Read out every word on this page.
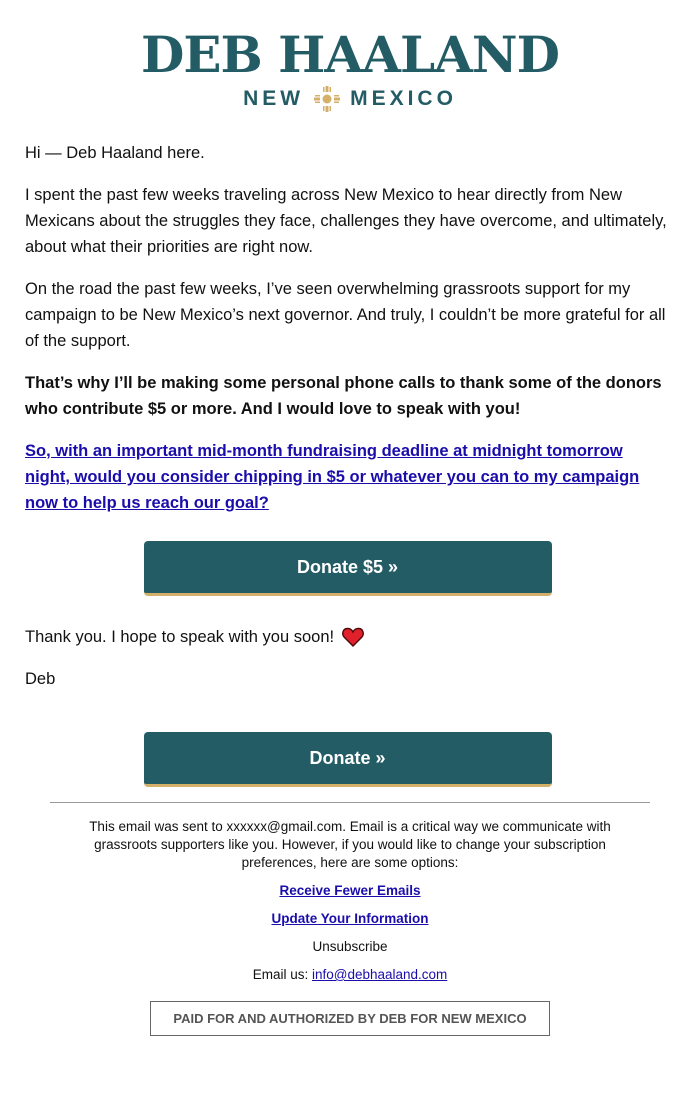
DEB HAALAND
NEW MEXICO

Hi — Deb Haaland here.

I spent the past few weeks traveling across New Mexico to hear directly from New Mexicans about the struggles they face, challenges they have overcome, and ultimately, about what their priorities are right now.

On the road the past few weeks, I’ve seen overwhelming grassroots support for my campaign to be New Mexico’s next governor. And truly, I couldn’t be more grateful for all of the support.

That’s why I’ll be making some personal phone calls to thank some of the donors who contribute $5 or more. And I would love to speak with you!

So, with an important mid-month fundraising deadline at midnight tomorrow night, would you consider chipping in $5 or whatever you can to my campaign now to help us reach our goal?

Donate $5 »

Thank you. I hope to speak with you soon!

Deb

Donate »
This email was sent to xxxxxx@gmail.com. Email is a critical way we communicate with grassroots supporters like you. However, if you would like to change your subscription preferences, here are some options:
Receive Fewer Emails
Update Your Information
Unsubscribe
Email us: info@debhaaland.com
PAID FOR AND AUTHORIZED BY DEB FOR NEW MEXICO
